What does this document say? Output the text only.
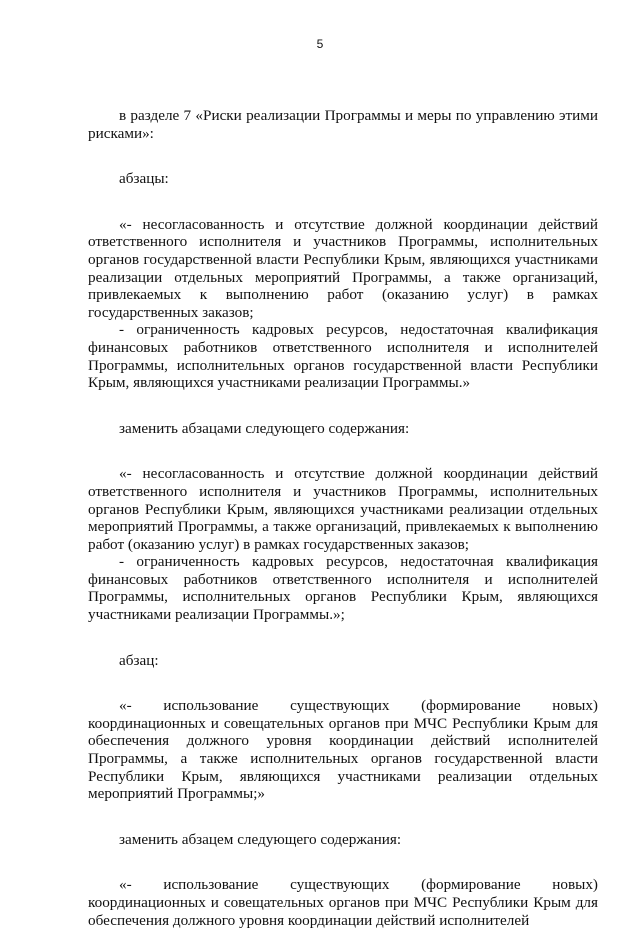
5

в разделе 7 «Риски реализации Программы и меры по управлению этими рисками»:

абзацы:

«- несогласованность и отсутствие должной координации действий ответственного исполнителя и участников Программы, исполнительных органов государственной власти Республики Крым, являющихся участниками реализации отдельных мероприятий Программы, а также организаций, привлекаемых к выполнению работ (оказанию услуг) в рамках государственных заказов;

- ограниченность кадровых ресурсов, недостаточная квалификация финансовых работников ответственного исполнителя и исполнителей Программы, исполнительных органов государственной власти Республики Крым, являющихся участниками реализации Программы.»

заменить абзацами следующего содержания:

«- несогласованность и отсутствие должной координации действий ответственного исполнителя и участников Программы, исполнительных органов Республики Крым, являющихся участниками реализации отдельных мероприятий Программы, а также организаций, привлекаемых к выполнению работ (оказанию услуг) в рамках государственных заказов;

- ограниченность кадровых ресурсов, недостаточная квалификация финансовых работников ответственного исполнителя и исполнителей Программы, исполнительных органов Республики Крым, являющихся участниками реализации Программы.»;

абзац:

«- использование существующих (формирование новых) координационных и совещательных органов при МЧС Республики Крым для обеспечения должного уровня координации действий исполнителей Программы, а также исполнительных органов государственной власти Республики Крым, являющихся участниками реализации отдельных мероприятий Программы;»

заменить абзацем следующего содержания:

«- использование существующих (формирование новых) координационных и совещательных органов при МЧС Республики Крым для обеспечения должного уровня координации действий исполнителей
